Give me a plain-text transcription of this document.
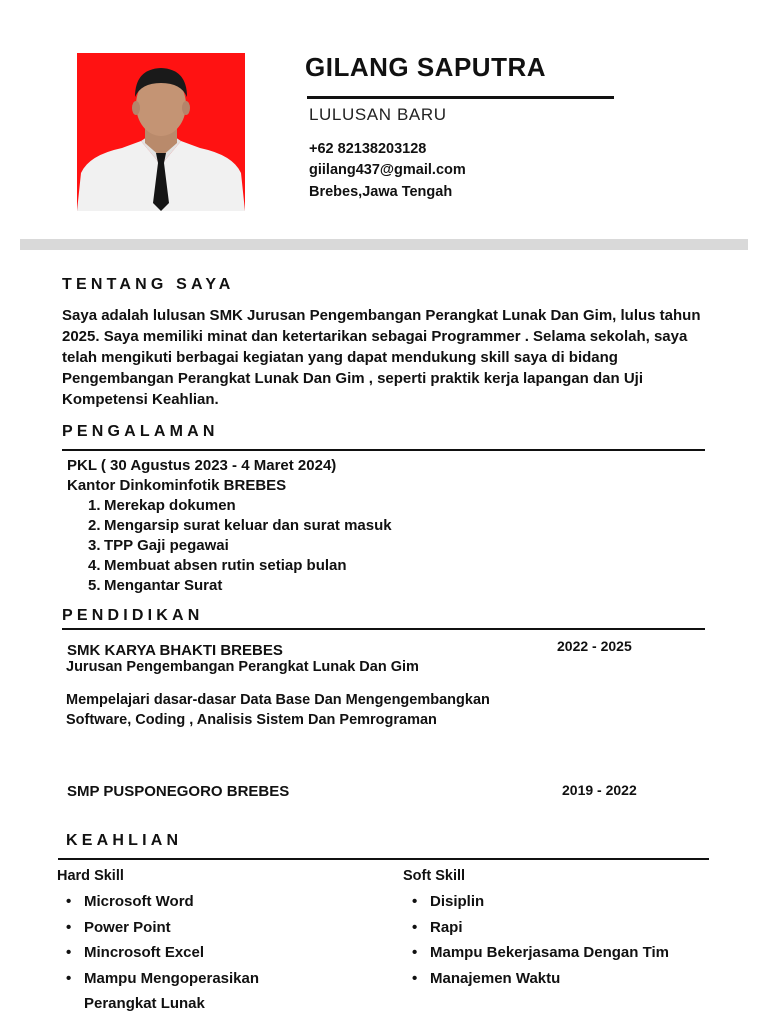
GILANG SAPUTRA
LULUSAN BARU
+62 82138203128
giilang437@gmail.com
Brebes,Jawa Tengah
TENTANG SAYA
Saya adalah lulusan SMK Jurusan Pengembangan Perangkat Lunak Dan Gim, lulus tahun 2025. Saya memiliki minat dan ketertarikan sebagai Programmer . Selama sekolah, saya telah mengikuti berbagai kegiatan yang dapat mendukung skill saya di bidang Pengembangan Perangkat Lunak Dan Gim , seperti praktik kerja lapangan dan Uji Kompetensi Keahlian.
PENGALAMAN
PKL ( 30 Agustus 2023 - 4 Maret 2024)
Kantor Dinkominfotik BREBES
1. Merekap dokumen
2. Mengarsip surat keluar dan surat masuk
3. TPP Gaji pegawai
4. Membuat absen rutin setiap bulan
5. Mengantar Surat
PENDIDIKAN
SMK KARYA BHAKTI BREBES	2022 - 2025
Jurusan Pengembangan Perangkat Lunak Dan Gim
Mempelajari dasar-dasar Data Base Dan Mengengembangkan
Software, Coding , Analisis Sistem Dan Pemrograman
SMP PUSPONEGORO BREBES	2019 - 2022
KEAHLIAN
Hard Skill
• Microsoft Word
• Power Point
• Mincrosoft Excel
• Mampu Mengoperasikan
Perangkat Lunak
Soft Skill
• Disiplin
• Rapi
• Mampu Bekerjasama Dengan Tim
• Manajemen Waktu
